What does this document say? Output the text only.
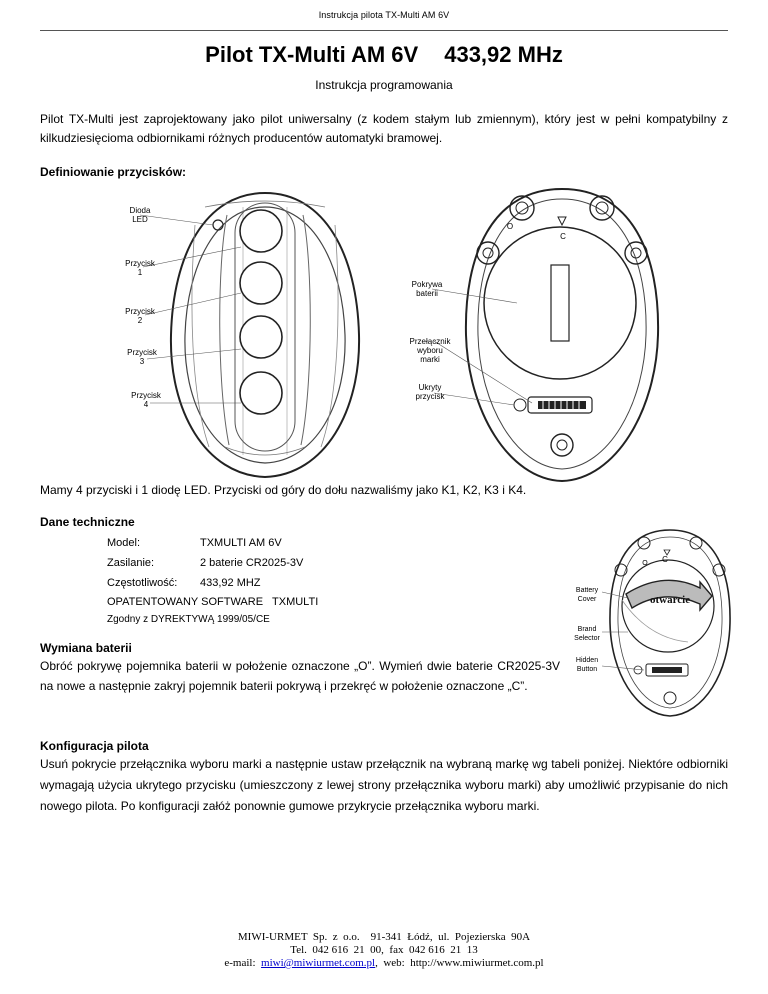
Instrukcja pilota TX-Multi AM 6V
Pilot TX-Multi AM 6V 433,92 MHz
Instrukcja programowania
Pilot TX-Multi jest zaprojektowany jako pilot uniwersalny (z kodem stałym lub zmiennym), który jest w pełni kompatybilny z kilkudziesięcioma odbiornikami różnych producentów automatyki bramowej.
Definiowanie przycisków:
Dioda
LED
Przycisk
1
Przycisk
2
Przycisk
3
Przycisk
4
O
C
Pokrywa
baterii
Przełącznik
wyboru
marki
Ukryty
przycisk
Mamy 4 przyciski i 1 diodę LED. Przyciski od góry do dołu nazwaliśmy jako K1, K2, K3 i K4.
Dane techniczne
Model:	TXMULTI AM 6V
Zasilanie:	2 baterie CR2025-3V
Częstotliwość: 433,92 MHZ
OPATENTOWANY SOFTWARE   TXMULTI
Zgodny z DYREKTYWĄ 1999/05/CE
Wymiana baterii
Obróć pokrywę pojemnika baterii w położenie oznaczone „O”. Wymień dwie baterie CR2025-3V na nowe a następnie zakryj pojemnik baterii pokrywą i przekręć w położenie oznaczone „C”.
otwarcie
C
O
Battery
Cover
Brand
Selector
Hidden
Button
Konfiguracja pilota
Usuń pokrycie przełącznika wyboru marki a następnie ustaw przełącznik na wybraną markę wg tabeli poniżej. Niektóre odbiorniki wymagają użycia ukrytego przycisku (umieszczony z lewej strony przełącznika wyboru marki) aby umożliwić przypisanie do nich nowego pilota. Po konfiguracji załóż ponownie gumowe przykrycie przełącznika wyboru marki.
MIWI-URMET  Sp.  z  o.o.    91-341  Łódź,  ul.  Pojezierska  90A
Tel.  042 616  21  00,  fax  042 616  21  13
e-mail: miwi@miwiurmet.com.pl,  web:  http://www.miwiurmet.com.pl
